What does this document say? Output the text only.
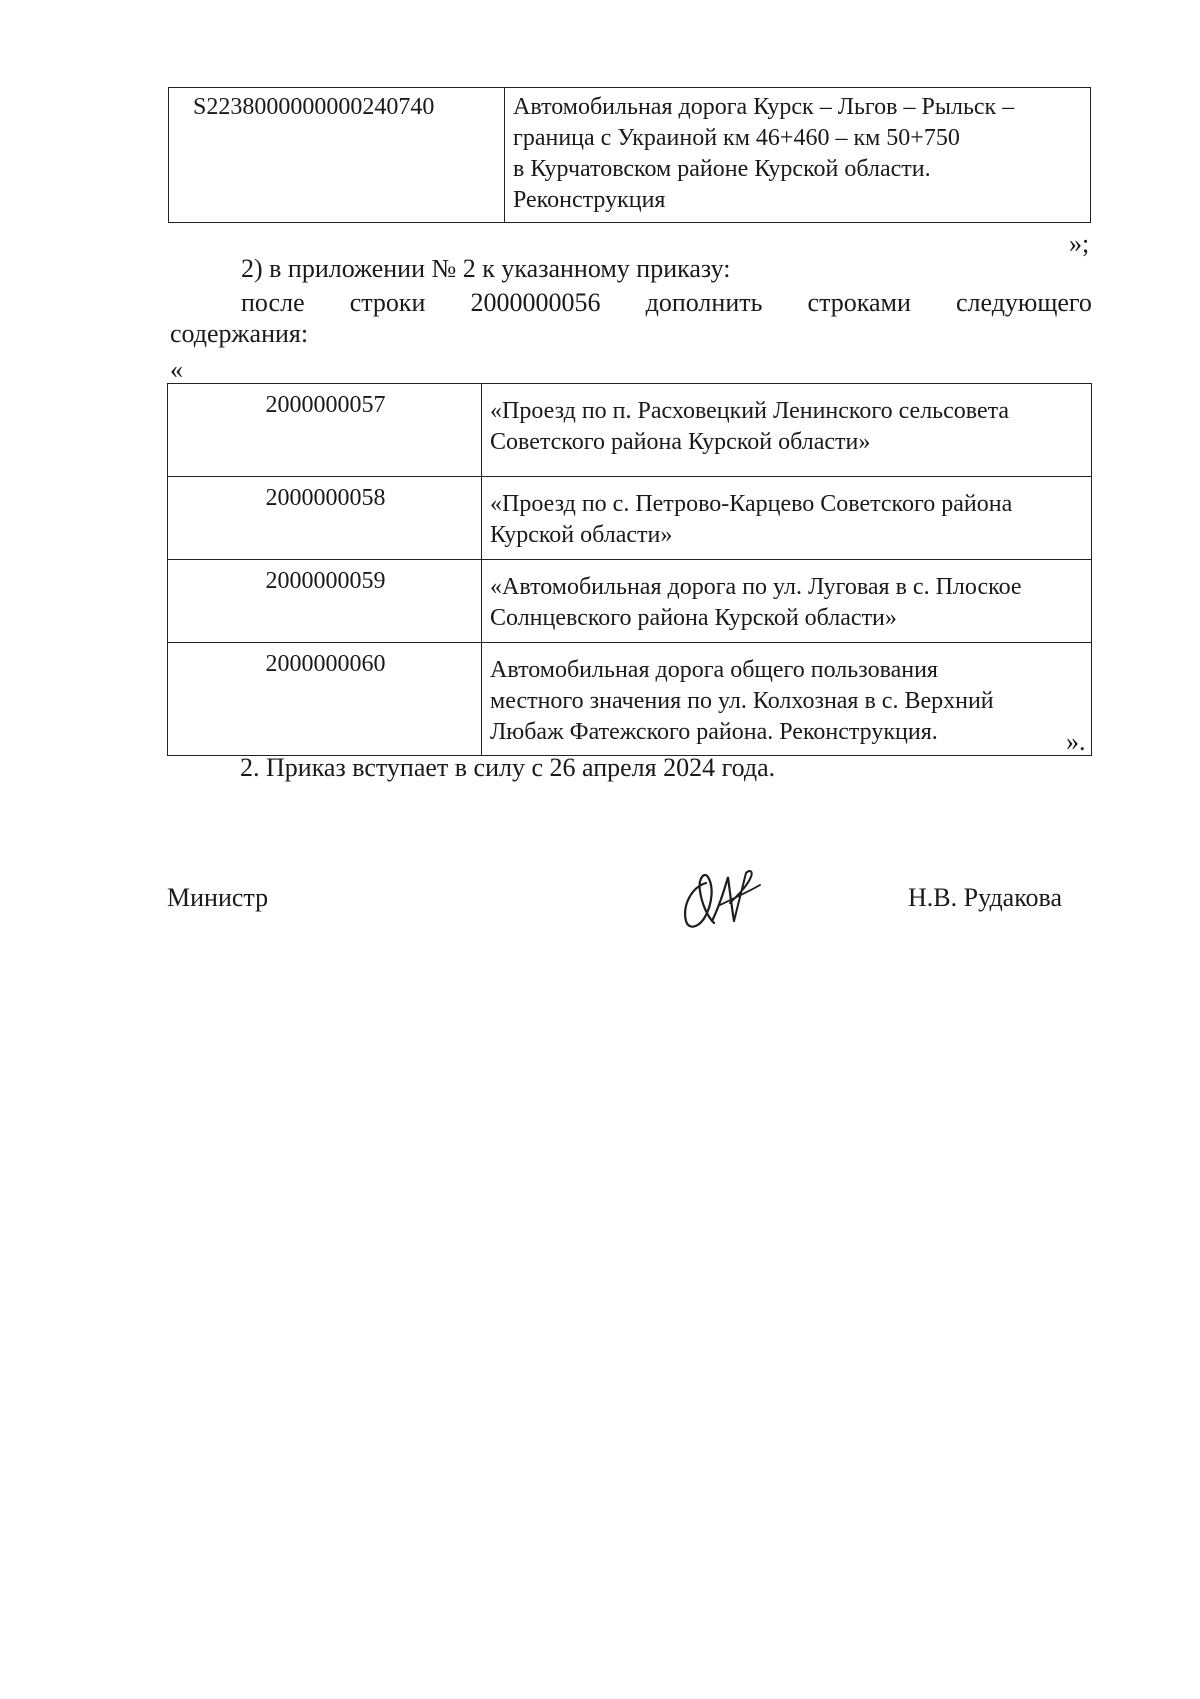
S2238000000000240740	Автомобильная дорога Курск – Льгов – Рыльск –
граница с Украиной км 46+460 – км 50+750
в Курчатовском районе Курской области.
Реконструкция
»;
2) в приложении № 2 к указанному приказу:
после строки 2000000056 дополнить строками следующего
содержания:
«
2000000057	«Проезд по п. Расховецкий Ленинского сельсовета
Советского района Курской области»

2000000058	«Проезд по с. Петрово-Карцево Советского района
Курской области»

2000000059	«Автомобильная дорога по ул. Луговая в с. Плоское
Солнцевского района Курской области»

2000000060	Автомобильная дорога общего пользования
местного значения по ул. Колхозная в с. Верхний
Любаж Фатежского района. Реконструкция.	».
2. Приказ вступает в силу с 26 апреля 2024 года.
Министр	Н.В. Рудакова
